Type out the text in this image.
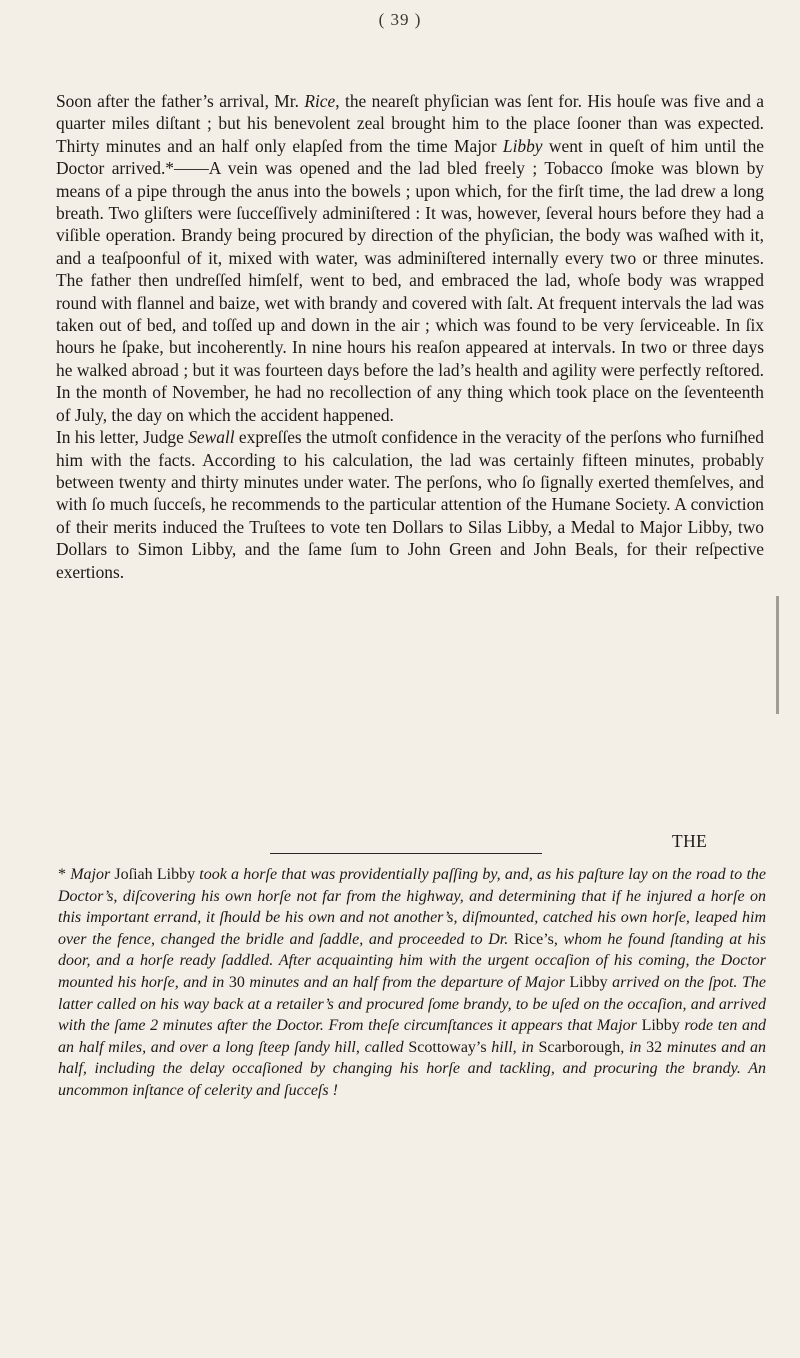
( 39 )

Soon after the father’s arrival, Mr. Rice, the neareſt phyſician was ſent for. His houſe was five and a quarter miles diſtant ; but his benevolent zeal brought him to the place ſooner than was expected. Thirty minutes and an half only elapſed from the time Major Libby went in queſt of him until the Doctor arrived.*——A vein was opened and the lad bled freely ; Tobacco ſmoke was blown by means of a pipe through the anus into the bowels ; upon which, for the firſt time, the lad drew a long breath. Two gliſters were ſucceſſively adminiſtered : It was, however, ſeveral hours before they had a viſible operation. Brandy being procured by direction of the phyſician, the body was waſhed with it, and a teaſpoonful of it, mixed with water, was adminiſtered internally every two or three minutes. The father then undreſſed himſelf, went to bed, and embraced the lad, whoſe body was wrapped round with flannel and baize, wet with brandy and covered with ſalt. At frequent intervals the lad was taken out of bed, and toſſed up and down in the air ; which was found to be very ſerviceable. In ſix hours he ſpake, but incoherently. In nine hours his reaſon appeared at intervals. In two or three days he walked abroad ; but it was fourteen days before the lad’s health and agility were perfectly reſtored. In the month of November, he had no recollection of any thing which took place on the ſeventeenth of July, the day on which the accident happened.
In his letter, Judge Sewall expreſſes the utmoſt confidence in the veracity of the perſons who furniſhed him with the facts. According to his calculation, the lad was certainly fifteen minutes, probably between twenty and thirty minutes under water. The perſons, who ſo ſignally exerted themſelves, and with ſo much ſucceſs, he recommends to the particular attention of the Humane Society. A conviction of their merits induced the Truſtees to vote ten Dollars to Silas Libby, a Medal to Major Libby, two Dollars to Simon Libby, and the ſame ſum to John Green and John Beals, for their reſpective exertions.

THE

* Major Joſiah Libby took a horſe that was providentially paſſing by, and, as his paſture lay on the road to the Doctor’s, diſcovering his own horſe not far from the highway, and determining that if he injured a horſe on this important errand, it ſhould be his own and not another’s, diſmounted, catched his own horſe, leaped him over the fence, changed the bridle and ſaddle, and proceeded to Dr. Rice’s, whom he found ſtanding at his door, and a horſe ready ſaddled. After acquainting him with the urgent occaſion of his coming, the Doctor mounted his horſe, and in 30 minutes and an half from the departure of Major Libby arrived on the ſpot. The latter called on his way back at a retailer’s and procured ſome brandy, to be uſed on the occaſion, and arrived with the ſame 2 minutes after the Doctor. From theſe circumſtances it appears that Major Libby rode ten and an half miles, and over a long ſteep ſandy hill, called Scottoway’s hill, in Scarborough, in 32 minutes and an half, including the delay occaſioned by changing his horſe and tackling, and procuring the brandy. An uncommon inſtance of celerity and ſucceſs !
